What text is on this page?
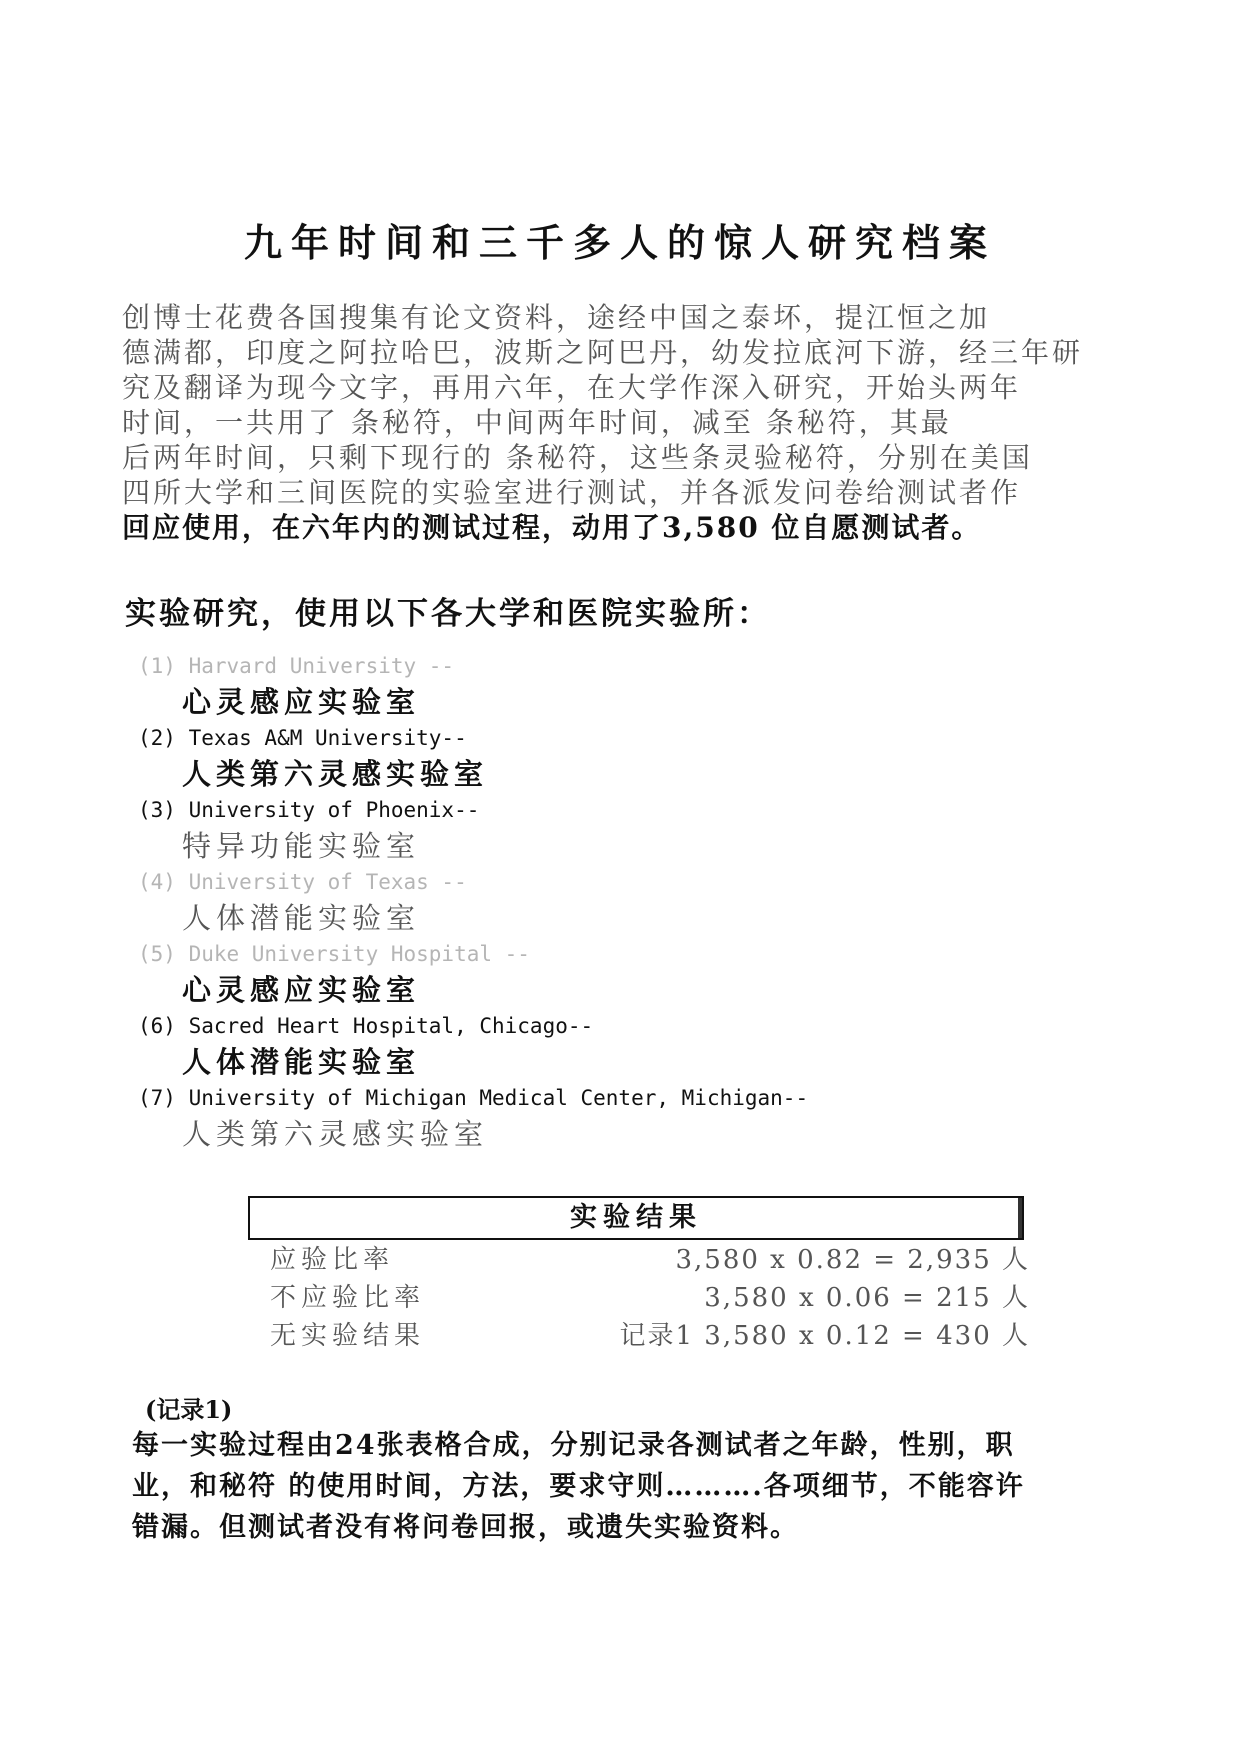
九年时间和三千多人的惊人研究档案
创博士花费各国搜集有论文资料，途经中国之泰坏，提江恒之加
德满都，印度之阿拉哈巴，波斯之阿巴丹，幼发拉底河下游，经三年研
究及翻译为现今文字，再用六年，在大学作深入研究，开始头两年
时间，一共用了 条秘符，中间两年时间，减至 条秘符，其最
后两年时间，只剩下现行的 条秘符，这些条灵验秘符，分别在美国
四所大学和三间医院的实验室进行测试，并各派发问卷给测试者作
回应使用，在六年内的测试过程，动用了3,580 位自愿测试者。
实验研究，使用以下各大学和医院实验所：
(1) Harvard University --
心灵感应实验室
(2) Texas A&M University--
人类第六灵感实验室
(3) University of Phoenix--
特异功能实验室
(4) University of Texas --
人体潜能实验室
(5) Duke University Hospital --
心灵感应实验室
(6) Sacred Heart Hospital, Chicago--
人体潜能实验室
(7) University of Michigan Medical Center, Michigan--
人类第六灵感实验室
实验结果
应验比率	3,580 x 0.82 = 2,935 人
不应验比率	3,580 x 0.06 = 215 人
无实验结果	记录1 3,580 x 0.12 = 430 人
(记录1)
每一实验过程由24张表格合成，分别记录各测试者之年龄，性别，职
业，和秘符 的使用时间，方法，要求守则……….各项细节，不能容许
错漏。但测试者没有将问卷回报，或遗失实验资料。
